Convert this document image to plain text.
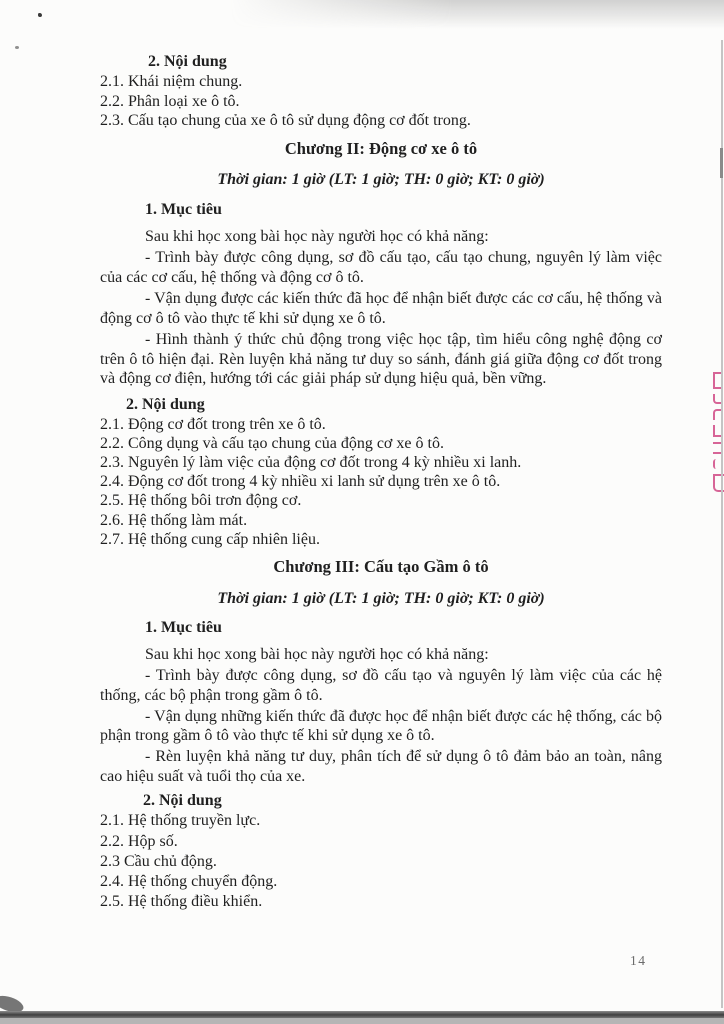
2. Nội dung

2.1. Khái niệm chung.
2.2. Phân loại xe ô tô.
2.3. Cấu tạo chung của xe ô tô sử dụng động cơ đốt trong.

Chương II: Động cơ xe ô tô

Thời gian: 1 giờ (LT: 1 giờ; TH: 0 giờ; KT: 0 giờ)

1. Mục tiêu

Sau khi học xong bài học này người học có khả năng:

- Trình bày được công dụng, sơ đồ cấu tạo, cấu tạo chung, nguyên lý làm việc của các cơ cấu, hệ thống và động cơ ô tô.

- Vận dụng được các kiến thức đã học để nhận biết được các cơ cấu, hệ thống và động cơ ô tô vào thực tế khi sử dụng xe ô tô.

- Hình thành ý thức chủ động trong việc học tập, tìm hiểu công nghệ động cơ trên ô tô hiện đại. Rèn luyện khả năng tư duy so sánh, đánh giá giữa động cơ đốt trong và động cơ điện, hướng tới các giải pháp sử dụng hiệu quả, bền vững.

2. Nội dung

2.1. Động cơ đốt trong trên xe ô tô.
2.2. Công dụng và cấu tạo chung của động cơ xe ô tô.
2.3. Nguyên lý làm việc của động cơ đốt trong 4 kỳ nhiều xi lanh.
2.4. Động cơ đốt trong 4 kỳ nhiều xi lanh sử dụng trên xe ô tô.
2.5. Hệ thống bôi trơn động cơ.
2.6. Hệ thống làm mát.
2.7. Hệ thống cung cấp nhiên liệu.

Chương III: Cấu tạo Gầm ô tô

Thời gian: 1 giờ (LT: 1 giờ; TH: 0 giờ; KT: 0 giờ)

1. Mục tiêu

Sau khi học xong bài học này người học có khả năng:

- Trình bày được công dụng, sơ đồ cấu tạo và nguyên lý làm việc của các hệ thống, các bộ phận trong gầm ô tô.

- Vận dụng những kiến thức đã được học để nhận biết được các hệ thống, các bộ phận trong gầm ô tô vào thực tế khi sử dụng xe ô tô.

- Rèn luyện khả năng tư duy, phân tích để sử dụng ô tô đảm bảo an toàn, nâng cao hiệu suất và tuổi thọ của xe.

2. Nội dung

2.1. Hệ thống truyền lực.
2.2. Hộp số.
2.3 Cầu chủ động.
2.4. Hệ thống chuyển động.
2.5. Hệ thống điều khiển.
14
